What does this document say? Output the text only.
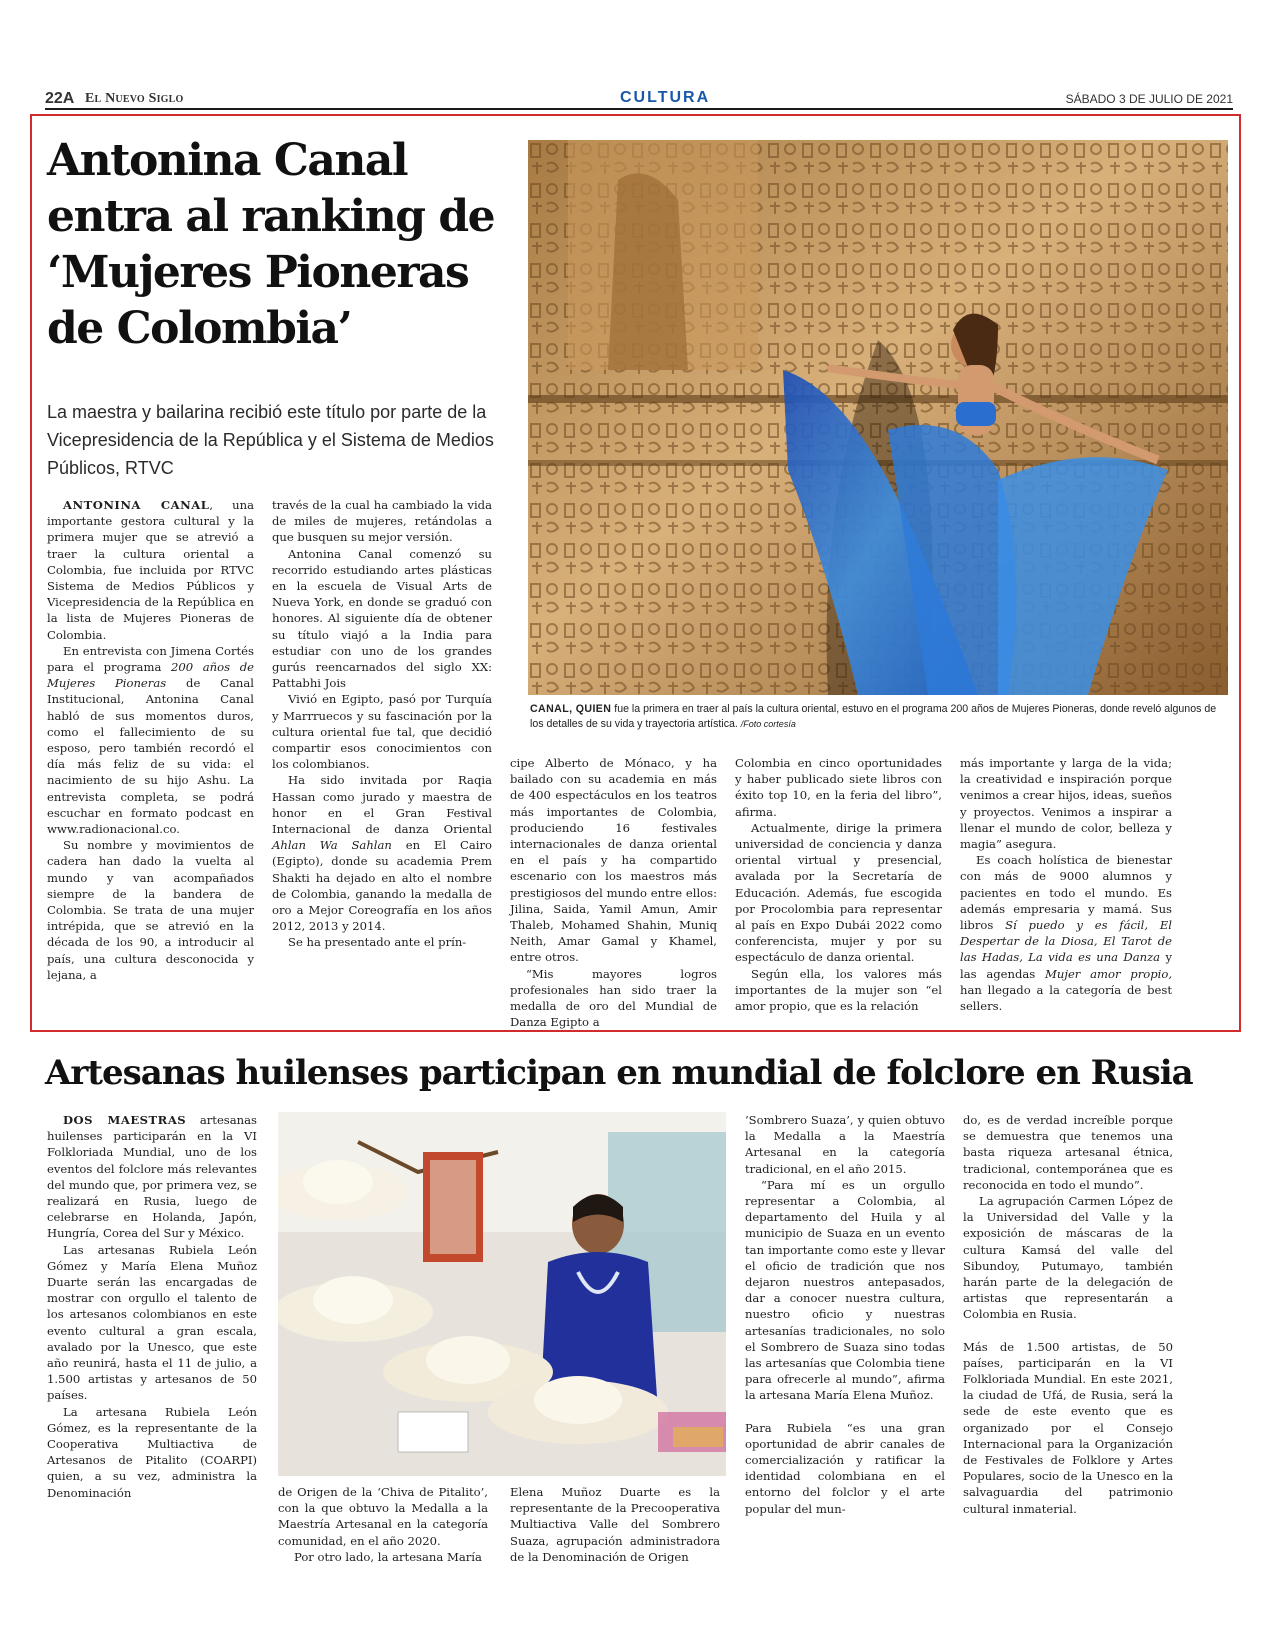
22A El Nuevo Siglo	CULTURA	SÁBADO 3 DE JULIO DE 2021
Antonina Canal entra al ranking de ‘Mujeres Pioneras de Colombia’

La maestra y bailarina recibió este título por parte de la Vicepresidencia de la República y el Sistema de Medios Públicos, RTVC

CANAL, QUIEN fue la primera en traer al país la cultura oriental, estuvo en el programa 200 años de Mujeres Pioneras, donde reveló algunos de los detalles de su vida y trayectoria artística. /Foto cortesía

ANTONINA CANAL, una importante gestora cultural y la primera mujer que se atrevió a traer la cultura oriental a Colombia, fue incluida por RTVC Sistema de Medios Públicos y Vicepresidencia de la República en la lista de Mujeres Pioneras de Colombia.

En entrevista con Jimena Cortés para el programa 200 años de Mujeres Pioneras de Canal Institucional, Antonina Canal habló de sus momentos duros, como el fallecimiento de su esposo, pero también recordó el día más feliz de su vida: el nacimiento de su hijo Ashu. La entrevista completa, se podrá escuchar en formato podcast en www.radionacional.co.

Su nombre y movimientos de cadera han dado la vuelta al mundo y van acompañados siempre de la bandera de Colombia. Se trata de una mujer intrépida, que se atrevió en la década de los 90, a introducir al país, una cultura desconocida y lejana, a

través de la cual ha cambiado la vida de miles de mujeres, retándolas a que busquen su mejor versión.

Antonina Canal comenzó su recorrido estudiando artes plásticas en la escuela de Visual Arts de Nueva York, en donde se graduó con honores. Al siguiente día de obtener su título viajó a la India para estudiar con uno de los grandes gurús reencarnados del siglo XX: Pattabhi Jois

Vivió en Egipto, pasó por Turquía y Marrruecos y su fascinación por la cultura oriental fue tal, que decidió compartir esos conocimientos con los colombianos.

Ha sido invitada por Raqia Hassan como jurado y maestra de honor en el Gran Festival Internacional de danza Oriental Ahlan Wa Sahlan en El Cairo (Egipto), donde su academia Prem Shakti ha dejado en alto el nombre de Colombia, ganando la medalla de oro a Mejor Coreografía en los años 2012, 2013 y 2014.

Se ha presentado ante el prín-

cipe Alberto de Mónaco, y ha bailado con su academia en más de 400 espectáculos en los teatros más importantes de Colombia, produciendo 16 festivales internacionales de danza oriental en el país y ha compartido escenario con los maestros más prestigiosos del mundo entre ellos: Jilina, Saida, Yamil Amun, Amir Thaleb, Mohamed Shahin, Muniq Neith, Amar Gamal y Khamel, entre otros.

“Mis mayores logros profesionales han sido traer la medalla de oro del Mundial de Danza Egipto a

Colombia en cinco oportunidades y haber publicado siete libros con éxito top 10, en la feria del libro”, afirma.

Actualmente, dirige la primera universidad de conciencia y danza oriental virtual y presencial, avalada por la Secretaría de Educación. Además, fue escogida por Procolombia para representar al país en Expo Dubái 2022 como conferencista, mujer y por su espectáculo de danza oriental.

Según ella, los valores más importantes de la mujer son “el amor propio, que es la relación

más importante y larga de la vida; la creatividad e inspiración porque venimos a crear hijos, ideas, sueños y proyectos. Venimos a inspirar a llenar el mundo de color, belleza y magia” asegura.

Es coach holística de bienestar con más de 9000 alumnos y pacientes en todo el mundo. Es además empresaria y mamá. Sus libros Sí puedo y es fácil, El Despertar de la Diosa, El Tarot de las Hadas, La vida es una Danza y las agendas Mujer amor propio, han llegado a la categoría de best sellers.

Artesanas huilenses participan en mundial de folclore en Rusia

DOS MAESTRAS artesanas huilenses participarán en la VI Folkloriada Mundial, uno de los eventos del folclore más relevantes del mundo que, por primera vez, se realizará en Rusia, luego de celebrarse en Holanda, Japón, Hungría, Corea del Sur y México.

Las artesanas Rubiela León Gómez y María Elena Muñoz Duarte serán las encargadas de mostrar con orgullo el talento de los artesanos colombianos en este evento cultural a gran escala, avalado por la Unesco, que este año reunirá, hasta el 11 de julio, a 1.500 artistas y artesanos de 50 países.

La artesana Rubiela León Gómez, es la representante de la Cooperativa Multiactiva de Artesanos de Pitalito (COARPI) quien, a su vez, administra la Denominación	de Origen de la ‘Chiva de Pitalito’, con la que obtuvo la Medalla a la Maestría Artesanal en la categoría comunidad, en el año 2020.

Por otro lado, la artesana María

Elena Muñoz Duarte es la representante de la Precooperativa Multiactiva Valle del Sombrero Suaza, agrupación administradora de la Denominación de Origen

‘Sombrero Suaza’, y quien obtuvo la Medalla a la Maestría Artesanal en la categoría tradicional, en el año 2015.

“Para mí es un orgullo representar a Colombia, al departamento del Huila y al municipio de Suaza en un evento tan importante como este y llevar el oficio de tradición que nos dejaron nuestros antepasados, dar a conocer nuestra cultura, nuestro oficio y nuestras artesanías tradicionales, no solo el Sombrero de Suaza sino todas las artesanías que Colombia tiene para ofrecerle al mundo”, afirma la artesana María Elena Muñoz.

Para Rubiela “es una gran oportunidad de abrir canales de comercialización y ratificar la identidad colombiana en el entorno del folclor y el arte popular del mun-

do, es de verdad increíble porque se demuestra que tenemos una basta riqueza artesanal étnica, tradicional, contemporánea que es reconocida en todo el mundo”.

La agrupación Carmen López de la Universidad del Valle y la exposición de máscaras de la cultura Kamsá del valle del Sibundoy, Putumayo, también harán parte de la delegación de artistas que representarán a Colombia en Rusia.

Más de 1.500 artistas, de 50 países, participarán en la VI Folkloriada Mundial. En este 2021, la ciudad de Ufá, de Rusia, será la sede de este evento que es organizado por el Consejo Internacional para la Organización de Festivales de Folklore y Artes Populares, socio de la Unesco en la salvaguardia del patrimonio cultural inmaterial.
